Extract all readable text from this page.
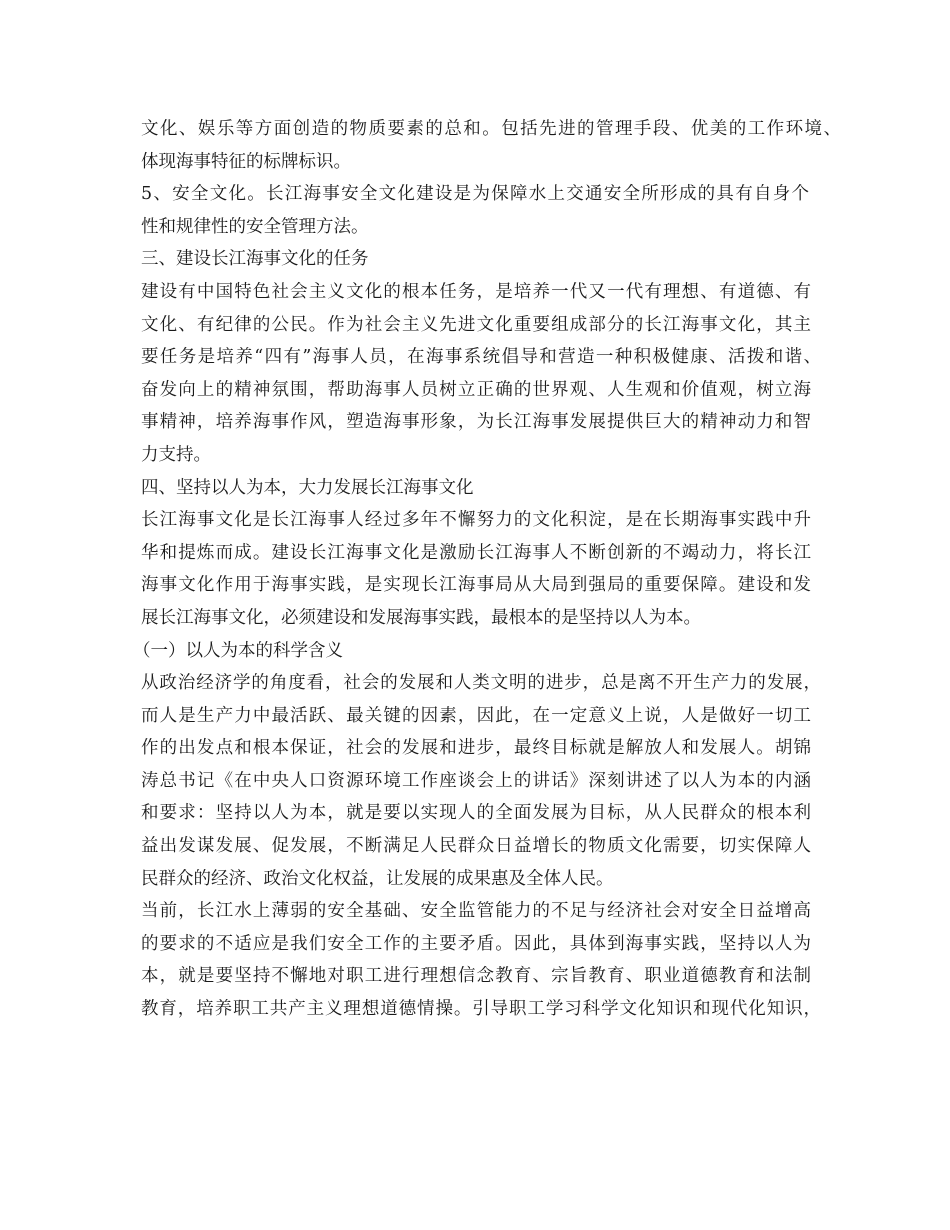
文化、娱乐等方面创造的物质要素的总和。包括先进的管理手段、优美的工作环境、
体现海事特征的标牌标识。
5、安全文化。长江海事安全文化建设是为保障水上交通安全所形成的具有自身个
性和规律性的安全管理方法。
三、建设长江海事文化的任务
建设有中国特色社会主义文化的根本任务，是培养一代又一代有理想、有道德、有
文化、有纪律的公民。作为社会主义先进文化重要组成部分的长江海事文化，其主
要任务是培养“四有”海事人员，在海事系统倡导和营造一种积极健康、活拨和谐、
奋发向上的精神氛围，帮助海事人员树立正确的世界观、人生观和价值观，树立海
事精神，培养海事作风，塑造海事形象，为长江海事发展提供巨大的精神动力和智
力支持。
四、坚持以人为本，大力发展长江海事文化
长江海事文化是长江海事人经过多年不懈努力的文化积淀，是在长期海事实践中升
华和提炼而成。建设长江海事文化是激励长江海事人不断创新的不竭动力，将长江
海事文化作用于海事实践，是实现长江海事局从大局到强局的重要保障。建设和发
展长江海事文化，必须建设和发展海事实践，最根本的是坚持以人为本。
（一）以人为本的科学含义
从政治经济学的角度看，社会的发展和人类文明的进步，总是离不开生产力的发展，
而人是生产力中最活跃、最关键的因素，因此，在一定意义上说，人是做好一切工
作的出发点和根本保证，社会的发展和进步，最终目标就是解放人和发展人。胡锦
涛总书记《在中央人口资源环境工作座谈会上的讲话》深刻讲述了以人为本的内涵
和要求：坚持以人为本，就是要以实现人的全面发展为目标，从人民群众的根本利
益出发谋发展、促发展，不断满足人民群众日益增长的物质文化需要，切实保障人
民群众的经济、政治文化权益，让发展的成果惠及全体人民。
当前，长江水上薄弱的安全基础、安全监管能力的不足与经济社会对安全日益增高
的要求的不适应是我们安全工作的主要矛盾。因此，具体到海事实践，坚持以人为
本，就是要坚持不懈地对职工进行理想信念教育、宗旨教育、职业道德教育和法制
教育，培养职工共产主义理想道德情操。引导职工学习科学文化知识和现代化知识，
